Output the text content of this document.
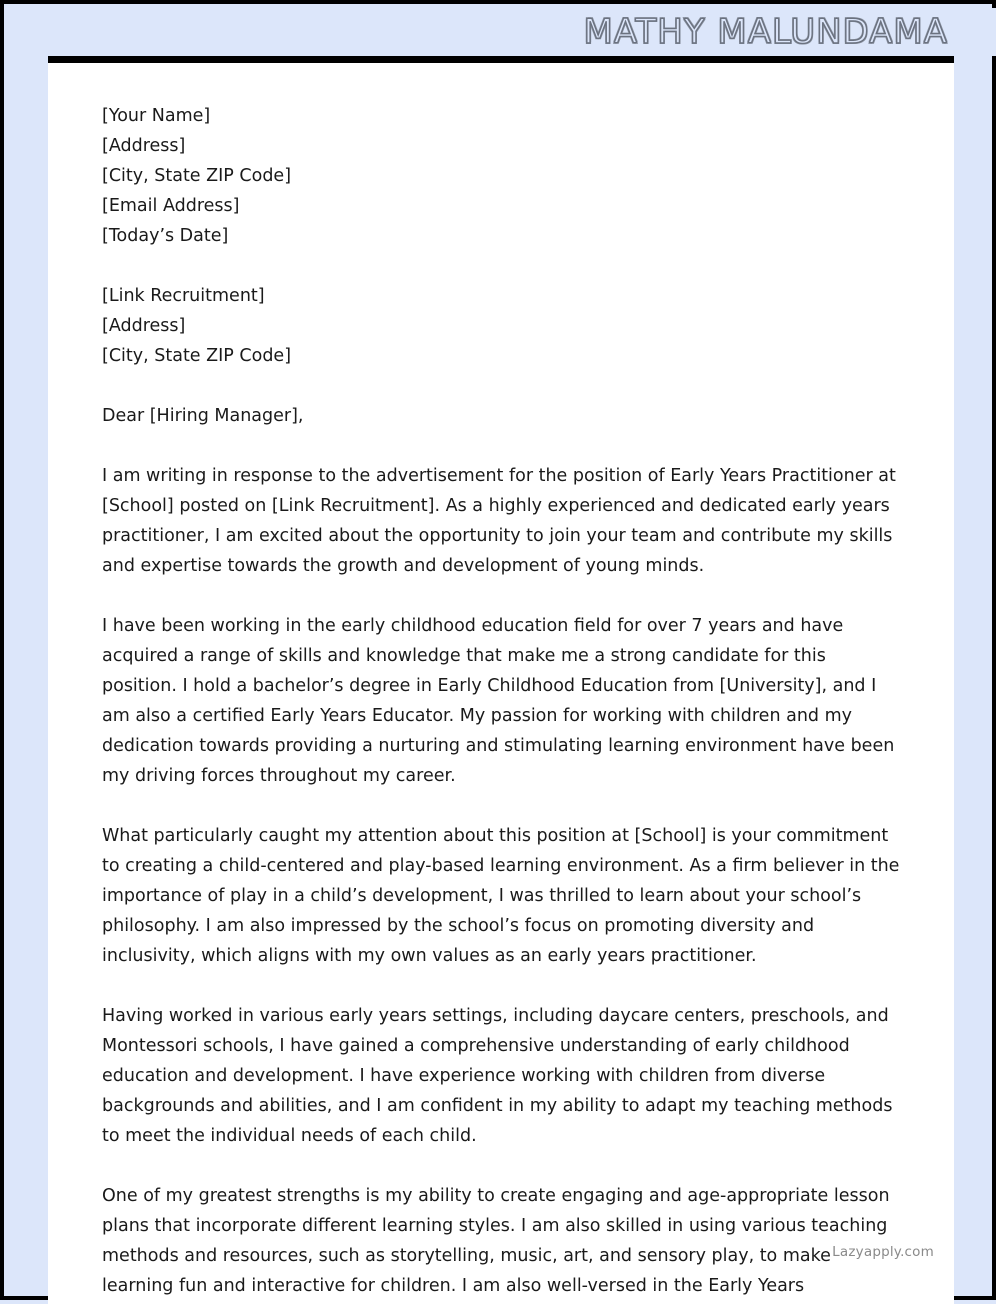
MATHY MALUNDAMA
[Your Name]
[Address]
[City, State ZIP Code]
[Email Address]
[Today’s Date]
[Link Recruitment]
[Address]
[City, State ZIP Code]
Dear [Hiring Manager],

I am writing in response to the advertisement for the position of Early Years Practitioner at [School] posted on [Link Recruitment]. As a highly experienced and dedicated early years practitioner, I am excited about the opportunity to join your team and contribute my skills and expertise towards the growth and development of young minds.

I have been working in the early childhood education field for over 7 years and have acquired a range of skills and knowledge that make me a strong candidate for this position. I hold a bachelor’s degree in Early Childhood Education from [University], and I am also a certified Early Years Educator. My passion for working with children and my dedication towards providing a nurturing and stimulating learning environment have been my driving forces throughout my career.

What particularly caught my attention about this position at [School] is your commitment to creating a child-centered and play-based learning environment. As a firm believer in the importance of play in a child’s development, I was thrilled to learn about your school’s philosophy. I am also impressed by the school’s focus on promoting diversity and inclusivity, which aligns with my own values as an early years practitioner.

Having worked in various early years settings, including daycare centers, preschools, and Montessori schools, I have gained a comprehensive understanding of early childhood education and development. I have experience working with children from diverse backgrounds and abilities, and I am confident in my ability to adapt my teaching methods to meet the individual needs of each child.

One of my greatest strengths is my ability to create engaging and age-appropriate lesson plans that incorporate different learning styles. I am also skilled in using various teaching methods and resources, such as storytelling, music, art, and sensory play, to make learning fun and interactive for children. I am also well-versed in the Early Years

Lazyapply.com
